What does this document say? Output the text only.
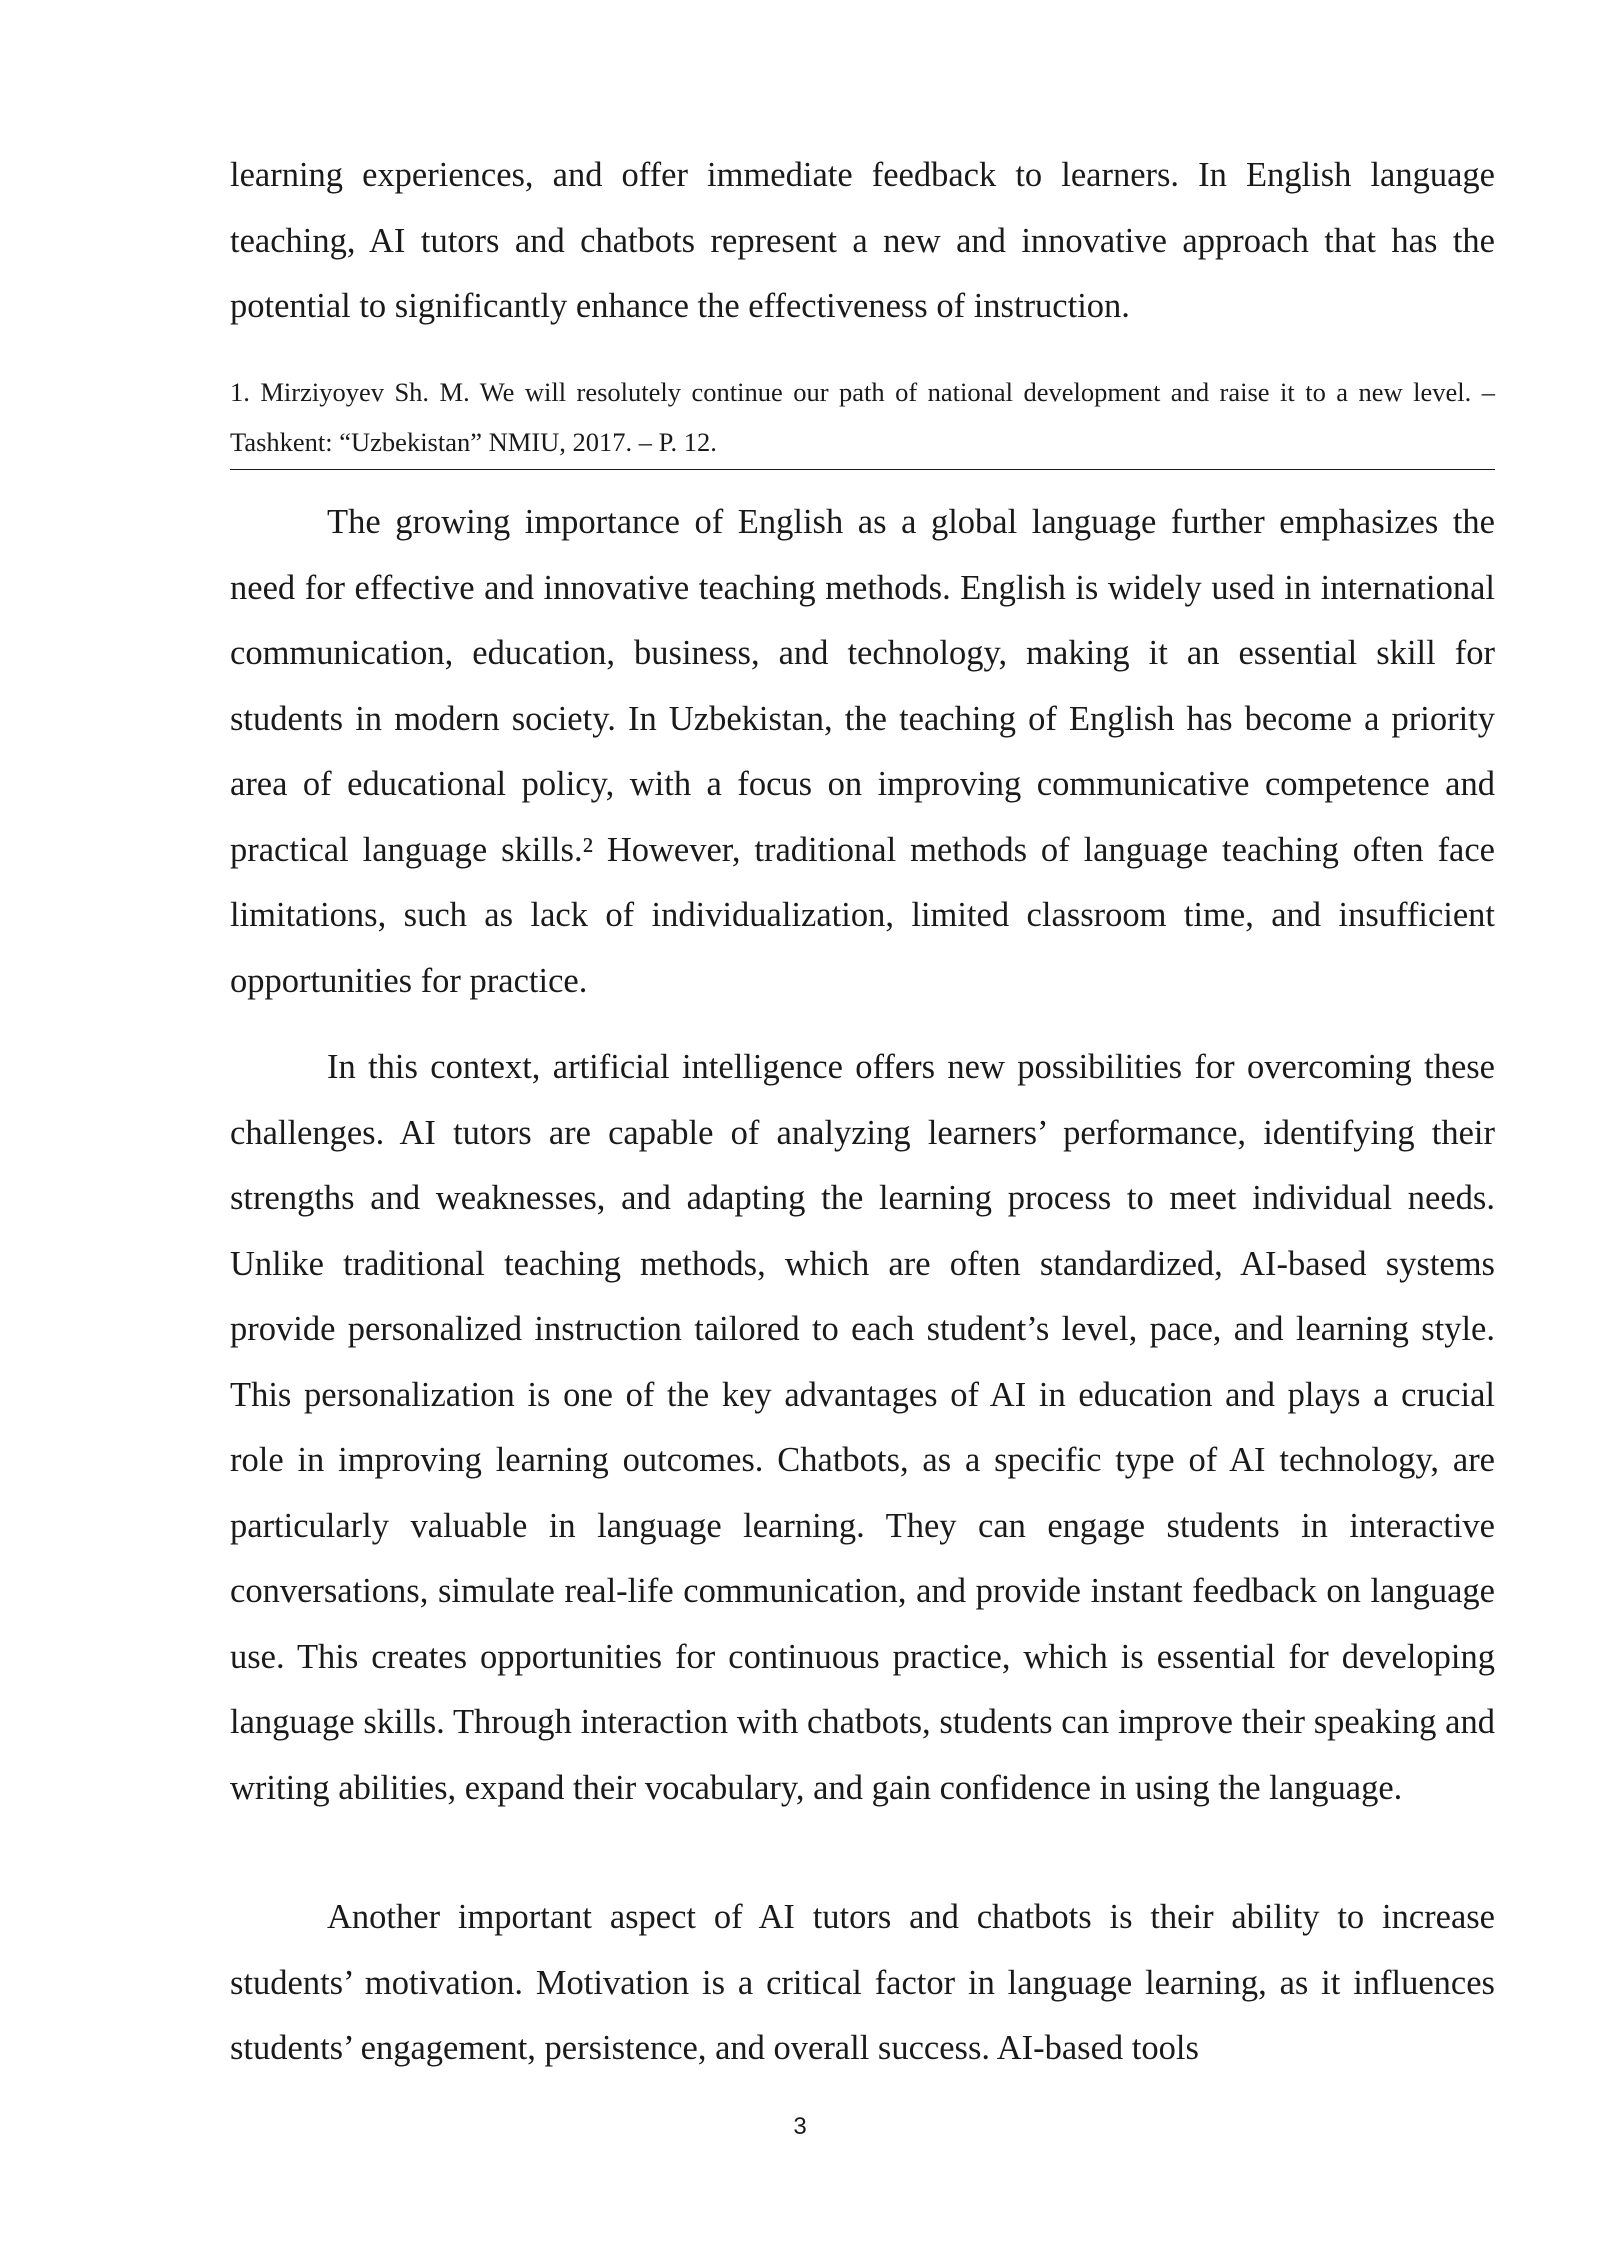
learning experiences, and offer immediate feedback to learners. In English language teaching, AI tutors and chatbots represent a new and innovative approach that has the potential to significantly enhance the effectiveness of instruction.

1. Mirziyoyev Sh. M. We will resolutely continue our path of national development and raise it to a new level. – Tashkent: “Uzbekistan” NMIU, 2017. – P. 12.

The growing importance of English as a global language further emphasizes the need for effective and innovative teaching methods. English is widely used in international communication, education, business, and technology, making it an essential skill for students in modern society. In Uzbekistan, the teaching of English has become a priority area of educational policy, with a focus on improving communicative competence and practical language skills.² However, traditional methods of language teaching often face limitations, such as lack of individualization, limited classroom time, and insufficient opportunities for practice.

In this context, artificial intelligence offers new possibilities for overcoming these challenges. AI tutors are capable of analyzing learners’ performance, identifying their strengths and weaknesses, and adapting the learning process to meet individual needs. Unlike traditional teaching methods, which are often standardized, AI-based systems provide personalized instruction tailored to each student’s level, pace, and learning style. This personalization is one of the key advantages of AI in education and plays a crucial role in improving learning outcomes. Chatbots, as a specific type of AI technology, are particularly valuable in language learning. They can engage students in interactive conversations, simulate real-life communication, and provide instant feedback on language use. This creates opportunities for continuous practice, which is essential for developing language skills. Through interaction with chatbots, students can improve their speaking and writing abilities, expand their vocabulary, and gain confidence in using the language.

Another important aspect of AI tutors and chatbots is their ability to increase students’ motivation. Motivation is a critical factor in language learning, as it influences students’ engagement, persistence, and overall success. AI-based tools

3
